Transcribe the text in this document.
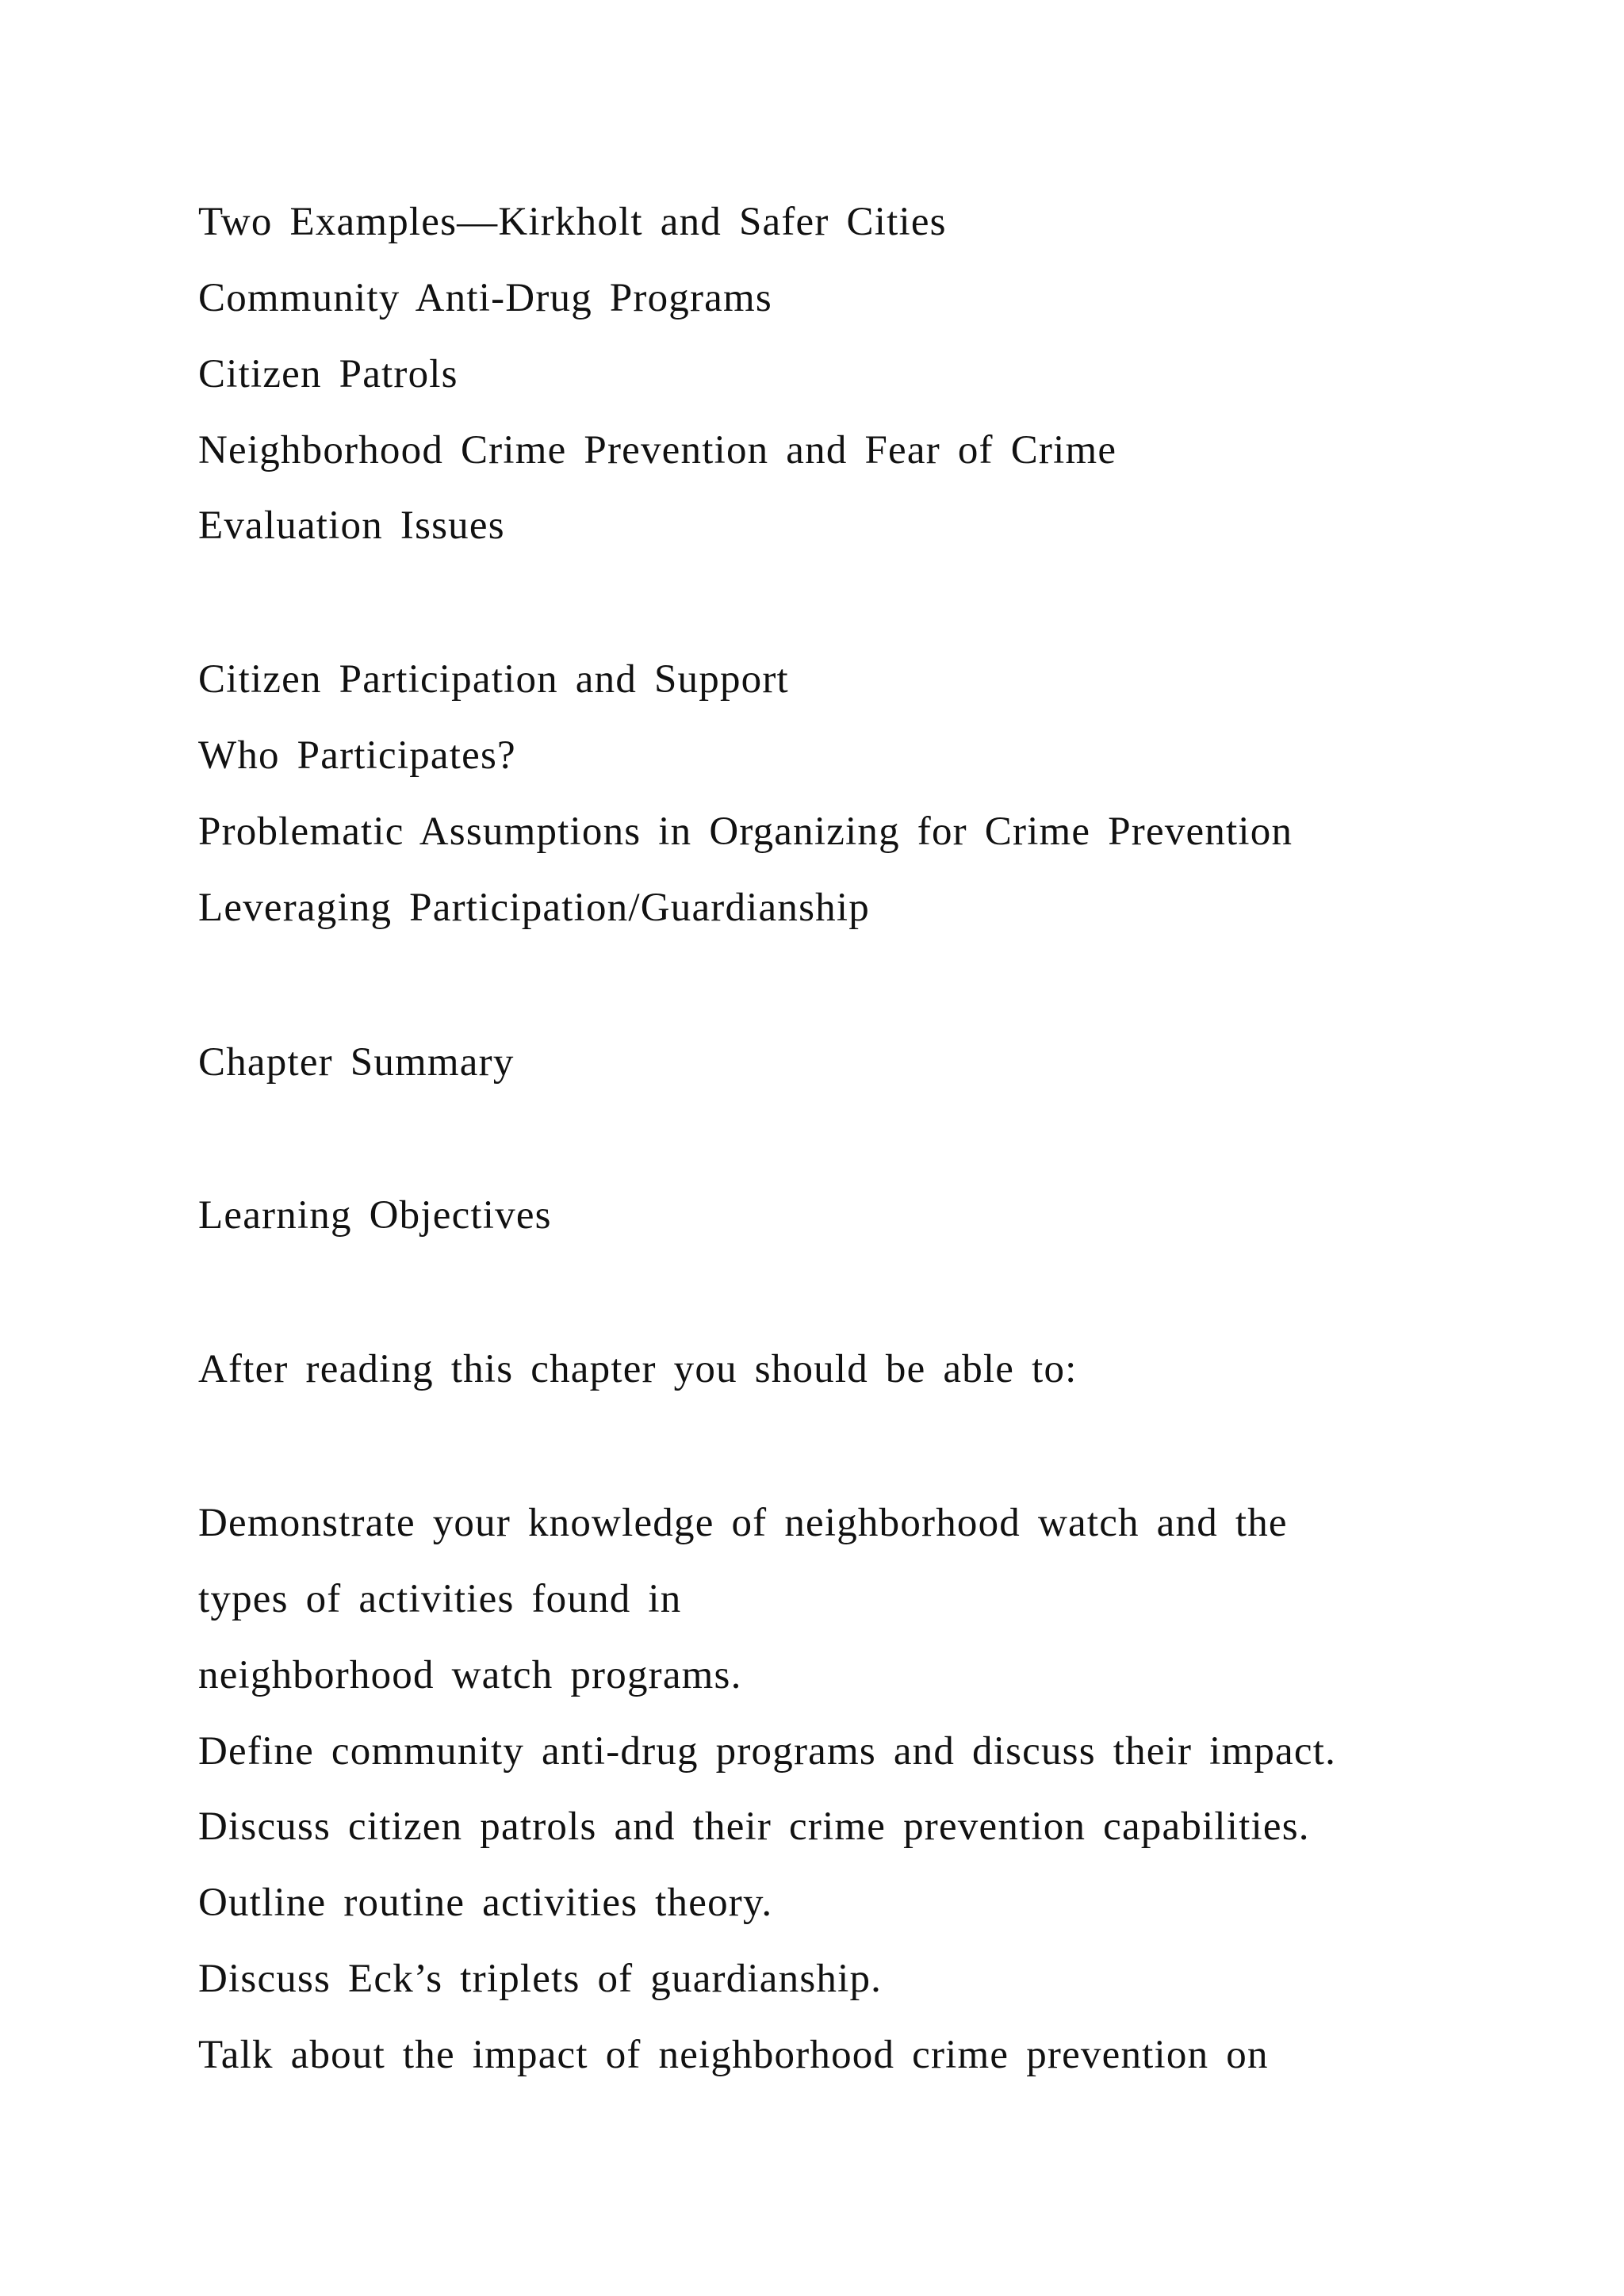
Two Examples—Kirkholt and Safer Cities
Community Anti-Drug Programs
Citizen Patrols
Neighborhood Crime Prevention and Fear of Crime
Evaluation Issues
Citizen Participation and Support
Who Participates?
Problematic Assumptions in Organizing for Crime Prevention
Leveraging Participation/Guardianship
Chapter Summary
Learning Objectives
After reading this chapter you should be able to:
Demonstrate your knowledge of neighborhood watch and the
types of activities found in
neighborhood watch programs.
Define community anti-drug programs and discuss their impact.
Discuss citizen patrols and their crime prevention capabilities.
Outline routine activities theory.
Discuss Eck’s triplets of guardianship.
Talk about the impact of neighborhood crime prevention on
